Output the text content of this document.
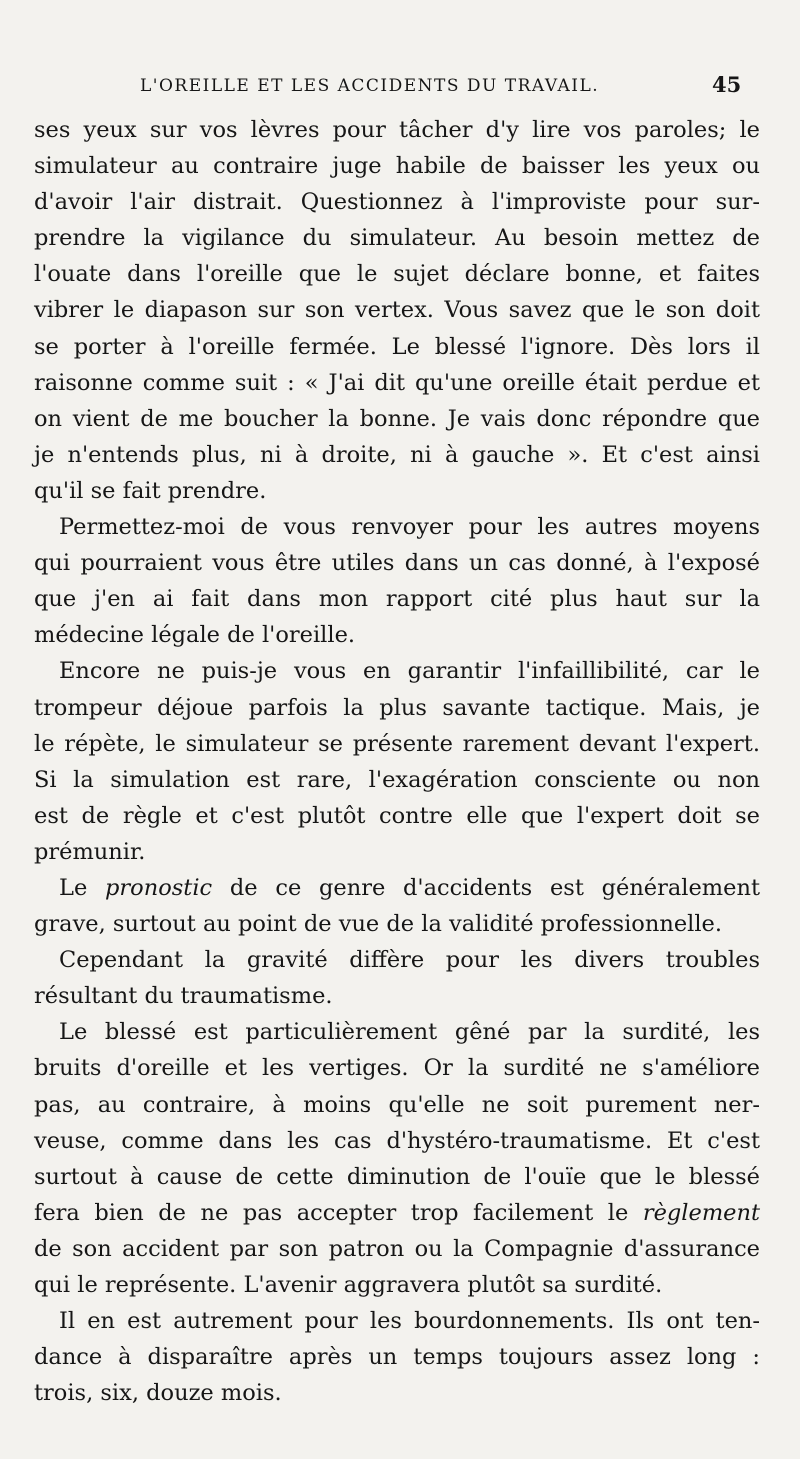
L'OREILLE ET LES ACCIDENTS DU TRAVAIL.	45
ses yeux sur vos lèvres pour tâcher d'y lire vos paroles; le
simulateur au contraire juge habile de baisser les yeux ou
d'avoir l'air distrait. Questionnez à l'improviste pour sur-
prendre la vigilance du simulateur. Au besoin mettez de
l'ouate dans l'oreille que le sujet déclare bonne, et faites
vibrer le diapason sur son vertex. Vous savez que le son doit
se porter à l'oreille fermée. Le blessé l'ignore. Dès lors il
raisonne comme suit : « J'ai dit qu'une oreille était perdue et
on vient de me boucher la bonne. Je vais donc répondre que
je n'entends plus, ni à droite, ni à gauche ». Et c'est ainsi
qu'il se fait prendre.
Permettez-moi de vous renvoyer pour les autres moyens
qui pourraient vous être utiles dans un cas donné, à l'exposé
que j'en ai fait dans mon rapport cité plus haut sur la
médecine légale de l'oreille.
Encore ne puis-je vous en garantir l'infaillibilité, car le
trompeur déjoue parfois la plus savante tactique. Mais, je
le répète, le simulateur se présente rarement devant l'expert.
Si la simulation est rare, l'exagération consciente ou non
est de règle et c'est plutôt contre elle que l'expert doit se
prémunir.
Le pronostic de ce genre d'accidents est généralement
grave, surtout au point de vue de la validité professionnelle.
Cependant la gravité diffère pour les divers troubles
résultant du traumatisme.
Le blessé est particulièrement gêné par la surdité, les
bruits d'oreille et les vertiges. Or la surdité ne s'améliore
pas, au contraire, à moins qu'elle ne soit purement ner-
veuse, comme dans les cas d'hystéro-traumatisme. Et c'est
surtout à cause de cette diminution de l'ouïe que le blessé
fera bien de ne pas accepter trop facilement le règlement
de son accident par son patron ou la Compagnie d'assurance
qui le représente. L'avenir aggravera plutôt sa surdité.
Il en est autrement pour les bourdonnements. Ils ont ten-
dance à disparaître après un temps toujours assez long :
trois, six, douze mois.
